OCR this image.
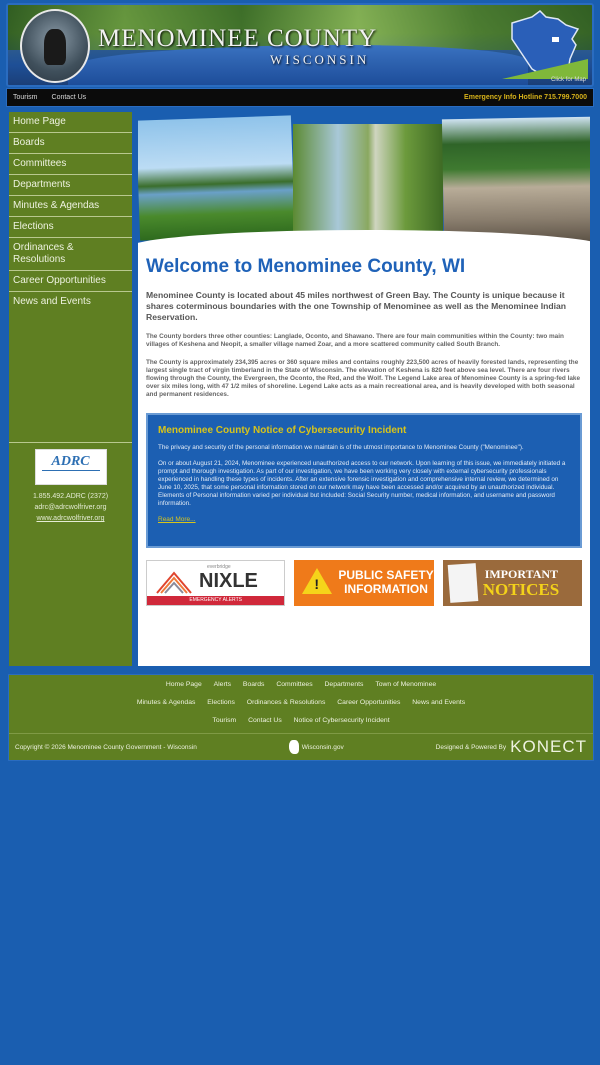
MENOMINEE COUNTY
WISCONSIN
Click for Map
Tourism Contact Us	Emergency Info Hotline 715.799.7000
Home Page
Boards
Committees
Departments
Minutes & Agendas
Elections
Ordinances & Resolutions
Career Opportunities
News and Events
ADRC

1.855.492.ADRC (2372)

adrc@adrcwolfriver.org

www.adrcwolfriver.org

Welcome to Menominee County, WI

Menominee County is located about 45 miles northwest of Green Bay. The County is unique because it shares coterminous boundaries with the one Township of Menominee as well as the Menominee Indian Reservation.

The County borders three other counties: Langlade, Oconto, and Shawano. There are four main communities within the County: two main villages of Keshena and Neopit, a smaller village named Zoar, and a more scattered community called South Branch.

The County is approximately 234,395 acres or 360 square miles and contains roughly 223,500 acres of heavily forested lands, representing the largest single tract of virgin timberland in the State of Wisconsin. The elevation of Keshena is 820 feet above sea level. There are four rivers flowing through the County, the Evergreen, the Oconto, the Red, and the Wolf. The Legend Lake area of Menominee County is a spring-fed lake over six miles long, with 47 1/2 miles of shoreline. Legend Lake acts as a main recreational area, and is heavily developed with both seasonal and permanent residences.

Menominee County Notice of Cybersecurity Incident

The privacy and security of the personal information we maintain is of the utmost importance to Menominee County ("Menominee").

On or about August 21, 2024, Menominee experienced unauthorized access to our network. Upon learning of this issue, we immediately initiated a prompt and thorough investigation. As part of our investigation, we have been working very closely with external cybersecurity professionals experienced in handling these types of incidents. After an extensive forensic investigation and comprehensive internal review, we determined on June 10, 2025, that some personal information stored on our network may have been accessed and/or acquired by an unauthorized individual. Elements of Personal information varied per individual but included: Social Security number, medical information, and username and password information.

Read More...
everbridge
NIXLE
EMERGENCY ALERTS
!
PUBLIC SAFETY
INFORMATION
IMPORTANT
NOTICES
Home Page Alerts Boards Committees Departments Town of Menominee
Minutes & Agendas Elections Ordinances & Resolutions Career Opportunities News and Events
Tourism Contact Us Notice of Cybersecurity Incident
Copyright © 2026 Menominee County Government - Wisconsin	Wisconsin.gov	Designed & Powered By KONECT
